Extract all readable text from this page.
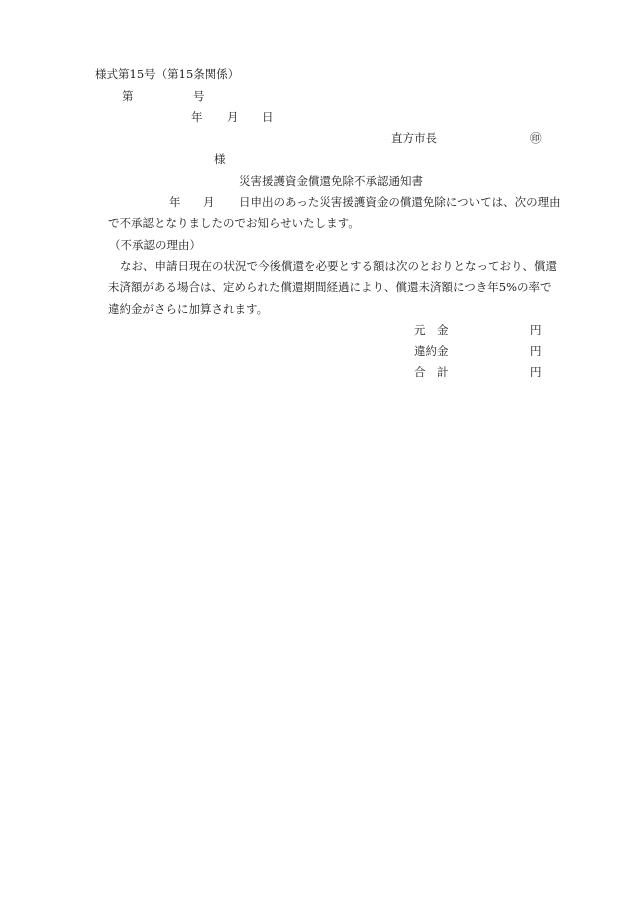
様式第15号（第15条関係）
第	号
年 月 日
直方市長	㊞
様
災害援護資金償還免除不承認通知書
年 月 日申出のあった災害援護資金の償還免除については、次の理由
で不承認となりましたのでお知らせいたします。
（不承認の理由）
なお、申請日現在の状況で今後償還を必要とする額は次のとおりとなっており、償還
未済額がある場合は、定められた償還期間経過により、償還未済額につき年5%の率で
違約金がさらに加算されます。
元　金	円
違約金	円
合　計	円
